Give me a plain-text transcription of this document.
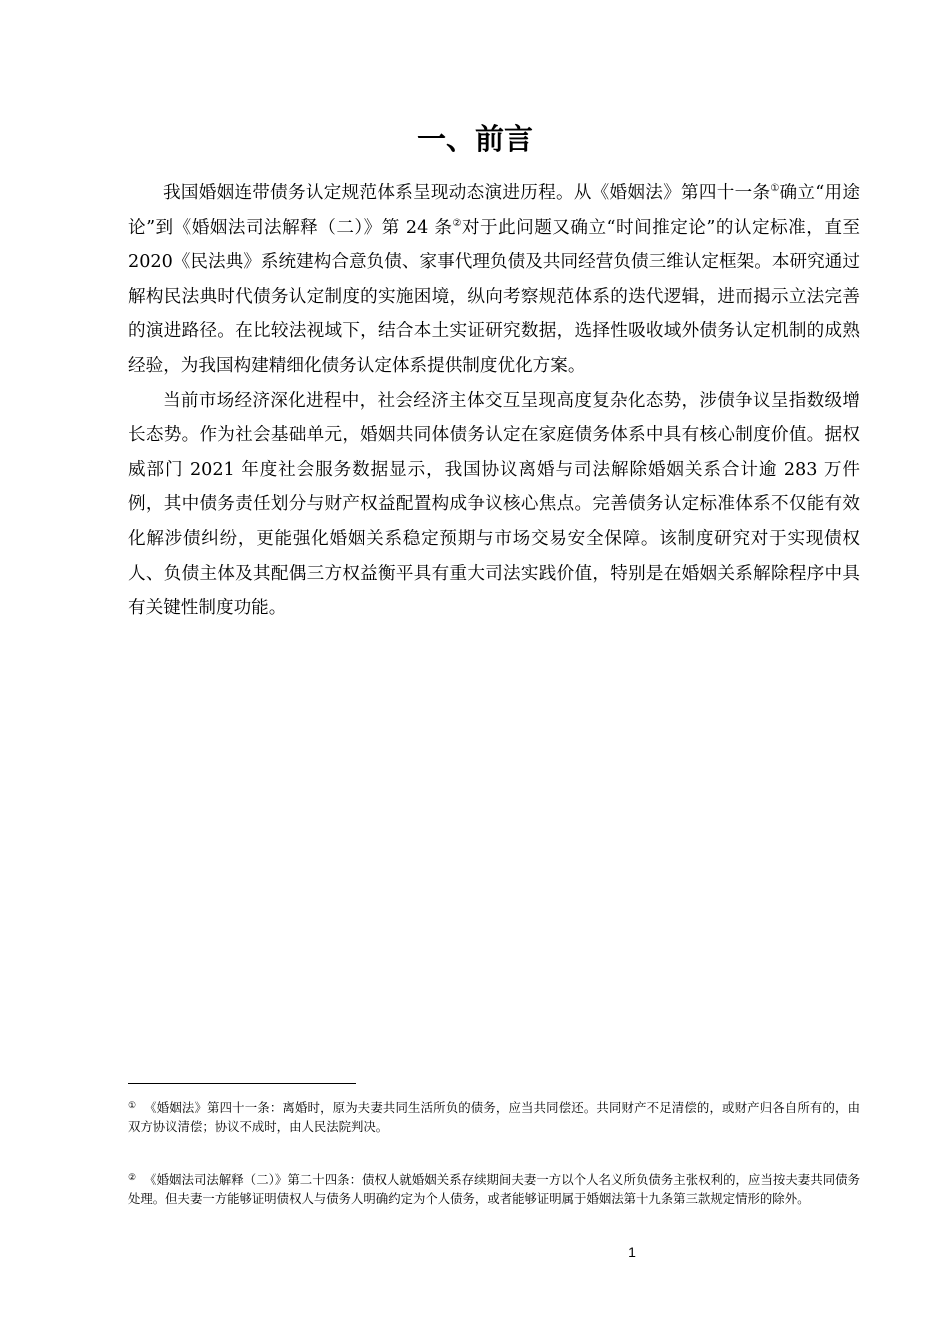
一、前言

我国婚姻连带债务认定规范体系呈现动态演进历程。从《婚姻法》第四十一条①确立“用途论”到《婚姻法司法解释（二）》第 24 条②对于此问题又确立“时间推定论”的认定标准，直至 2020《民法典》系统建构合意负债、家事代理负债及共同经营负债三维认定框架。本研究通过解构民法典时代债务认定制度的实施困境，纵向考察规范体系的迭代逻辑，进而揭示立法完善的演进路径。在比较法视域下，结合本土实证研究数据，选择性吸收域外债务认定机制的成熟经验，为我国构建精细化债务认定体系提供制度优化方案。

当前市场经济深化进程中，社会经济主体交互呈现高度复杂化态势，涉债争议呈指数级增长态势。作为社会基础单元，婚姻共同体债务认定在家庭债务体系中具有核心制度价值。据权威部门 2021 年度社会服务数据显示，我国协议离婚与司法解除婚姻关系合计逾 283 万件例，其中债务责任划分与财产权益配置构成争议核心焦点。完善债务认定标准体系不仅能有效化解涉债纠纷，更能强化婚姻关系稳定预期与市场交易安全保障。该制度研究对于实现债权人、负债主体及其配偶三方权益衡平具有重大司法实践价值，特别是在婚姻关系解除程序中具有关键性制度功能。

① 《婚姻法》第四十一条：离婚时，原为夫妻共同生活所负的债务，应当共同偿还。共同财产不足清偿的，或财产归各自所有的，由双方协议清偿；协议不成时，由人民法院判决。

② 《婚姻法司法解释（二）》第二十四条：债权人就婚姻关系存续期间夫妻一方以个人名义所负债务主张权利的，应当按夫妻共同债务处理。但夫妻一方能够证明债权人与债务人明确约定为个人债务，或者能够证明属于婚姻法第十九条第三款规定情形的除外。

1
